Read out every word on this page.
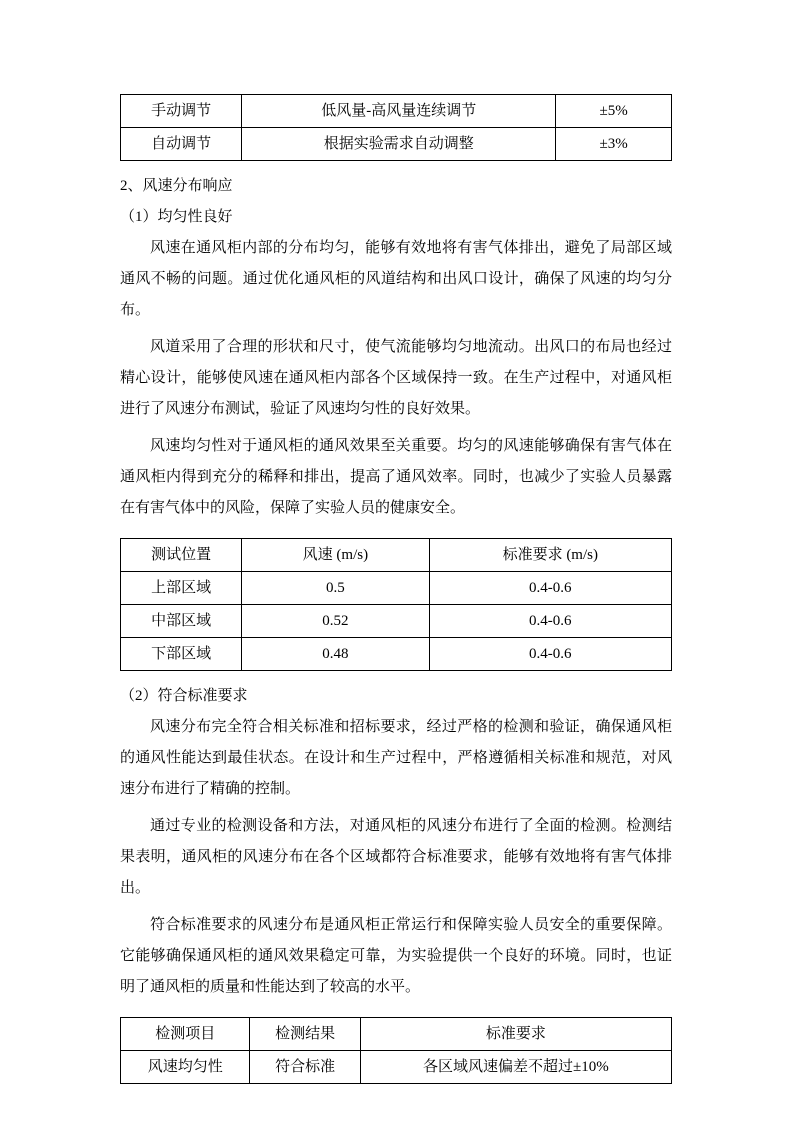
手动调节	低风量-高风量连续调节	±5%
自动调节	根据实验需求自动调整	±3%
2、风速分布响应
（1）均匀性良好

风速在通风柜内部的分布均匀，能够有效地将有害气体排出，避免了局部区域通风不畅的问题。通过优化通风柜的风道结构和出风口设计，确保了风速的均匀分布。

风道采用了合理的形状和尺寸，使气流能够均匀地流动。出风口的布局也经过精心设计，能够使风速在通风柜内部各个区域保持一致。在生产过程中，对通风柜进行了风速分布测试，验证了风速均匀性的良好效果。

风速均匀性对于通风柜的通风效果至关重要。均匀的风速能够确保有害气体在通风柜内得到充分的稀释和排出，提高了通风效率。同时，也减少了实验人员暴露在有害气体中的风险，保障了实验人员的健康安全。

测试位置	风速 (m/s)	标准要求 (m/s)
上部区域	0.5	0.4-0.6
中部区域	0.52	0.4-0.6
下部区域	0.48	0.4-0.6
（2）符合标准要求

风速分布完全符合相关标准和招标要求，经过严格的检测和验证，确保通风柜的通风性能达到最佳状态。在设计和生产过程中，严格遵循相关标准和规范，对风速分布进行了精确的控制。

通过专业的检测设备和方法，对通风柜的风速分布进行了全面的检测。检测结果表明，通风柜的风速分布在各个区域都符合标准要求，能够有效地将有害气体排出。

符合标准要求的风速分布是通风柜正常运行和保障实验人员安全的重要保障。它能够确保通风柜的通风效果稳定可靠，为实验提供一个良好的环境。同时，也证明了通风柜的质量和性能达到了较高的水平。

检测项目	检测结果	标准要求
风速均匀性	符合标准	各区域风速偏差不超过±10%
